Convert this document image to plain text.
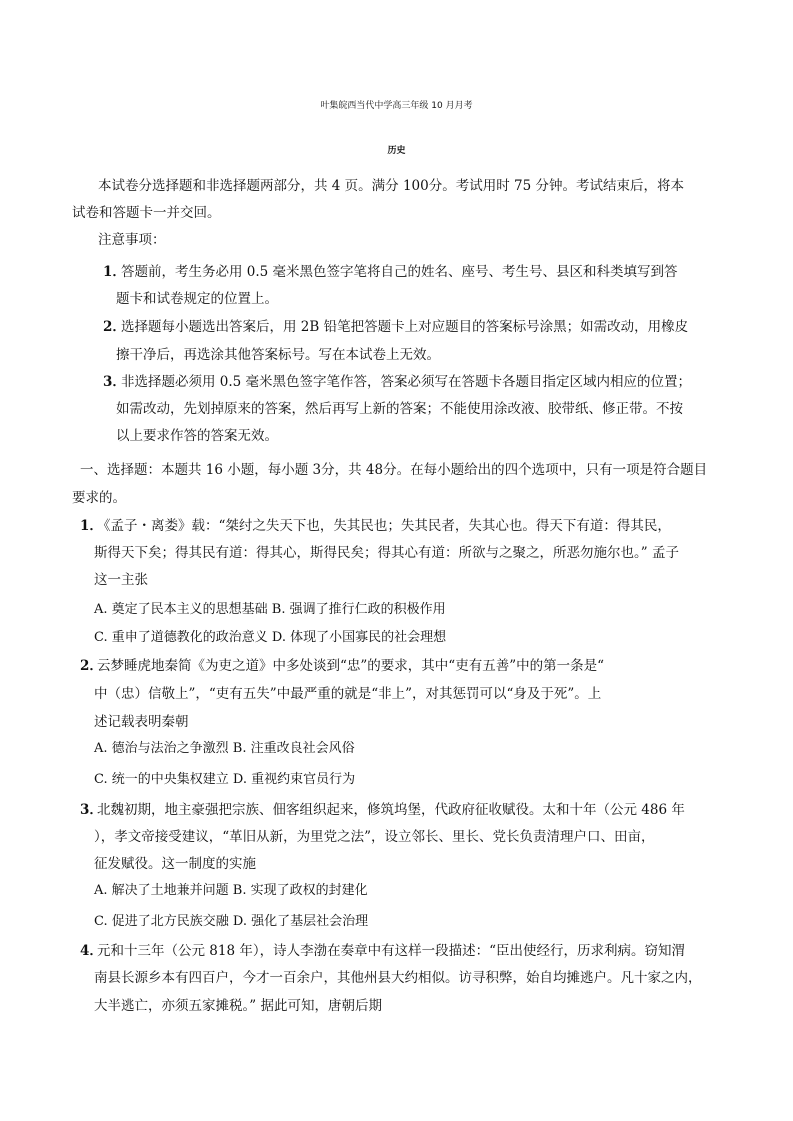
叶集皖西当代中学高三年级 10 月月考
历史
本试卷分选择题和非选择题两部分，共 4 页。满分 100分。考试用时 75 分钟。考试结束后，将本
试卷和答题卡一并交回。
注意事项：
1．
答题前，考生务必用 0.5 毫米黑色签字笔将自己的姓名、座号、考生号、县区和科类填写到答
题卡和试卷规定的位置上。
2．
选择题每小题选出答案后，用 2B 铅笔把答题卡上对应题目的答案标号涂黑；如需改动，用橡皮
擦干净后，再选涂其他答案标号。写在本试卷上无效。
3．
非选择题必须用 0.5 毫米黑色签字笔作答，答案必须写在答题卡各题目指定区域内相应的位置；
如需改动，先划掉原来的答案，然后再写上新的答案；不能使用涂改液、胶带纸、修正带。不按
以上要求作答的答案无效。
一、选择题：本题共 16 小题，每小题 3分，共 48分。在每小题给出的四个选项中，只有一项是符合题目
要求的。
1．
《孟子・离娄》载：“桀纣之失天下也，失其民也；失其民者，失其心也。得天下有道：得其民，
斯得天下矣；得其民有道：得其心，斯得民矣；得其心有道：所欲与之聚之，所恶勿施尔也。” 孟子
这一主张
A. 奠定了民本主义的思想基础 B. 强调了推行仁政的积极作用
C. 重申了道德教化的政治意义 D. 体现了小国寡民的社会理想
2．
云梦睡虎地秦简《为吏之道》中多处谈到“忠”的要求，其中“吏有五善”中的第一条是“
中（忠）信敬上”，“吏有五失”中最严重的就是“非上”，对其惩罚可以“身及于死”。上
述记载表明秦朝
A. 德治与法治之争激烈 B. 注重改良社会风俗
C. 统一的中央集权建立 D. 重视约束官员行为
3．
北魏初期，地主豪强把宗族、佃客组织起来，修筑坞堡，代政府征收赋役。太和十年（公元 486 年
），孝文帝接受建议，“革旧从新，为里党之法”，设立邻长、里长、党长负责清理户口、田亩，
征发赋役。这一制度的实施
A. 解决了土地兼并问题 B. 实现了政权的封建化
C. 促进了北方民族交融 D. 强化了基层社会治理
4．
元和十三年（公元 818 年），诗人李渤在奏章中有这样一段描述：“臣出使经行，历求利病。窃知渭
南县长源乡本有四百户，今才一百余户，其他州县大约相似。访寻积弊，始自均摊逃户。凡十家之内，
大半逃亡，亦须五家摊税。” 据此可知，唐朝后期
